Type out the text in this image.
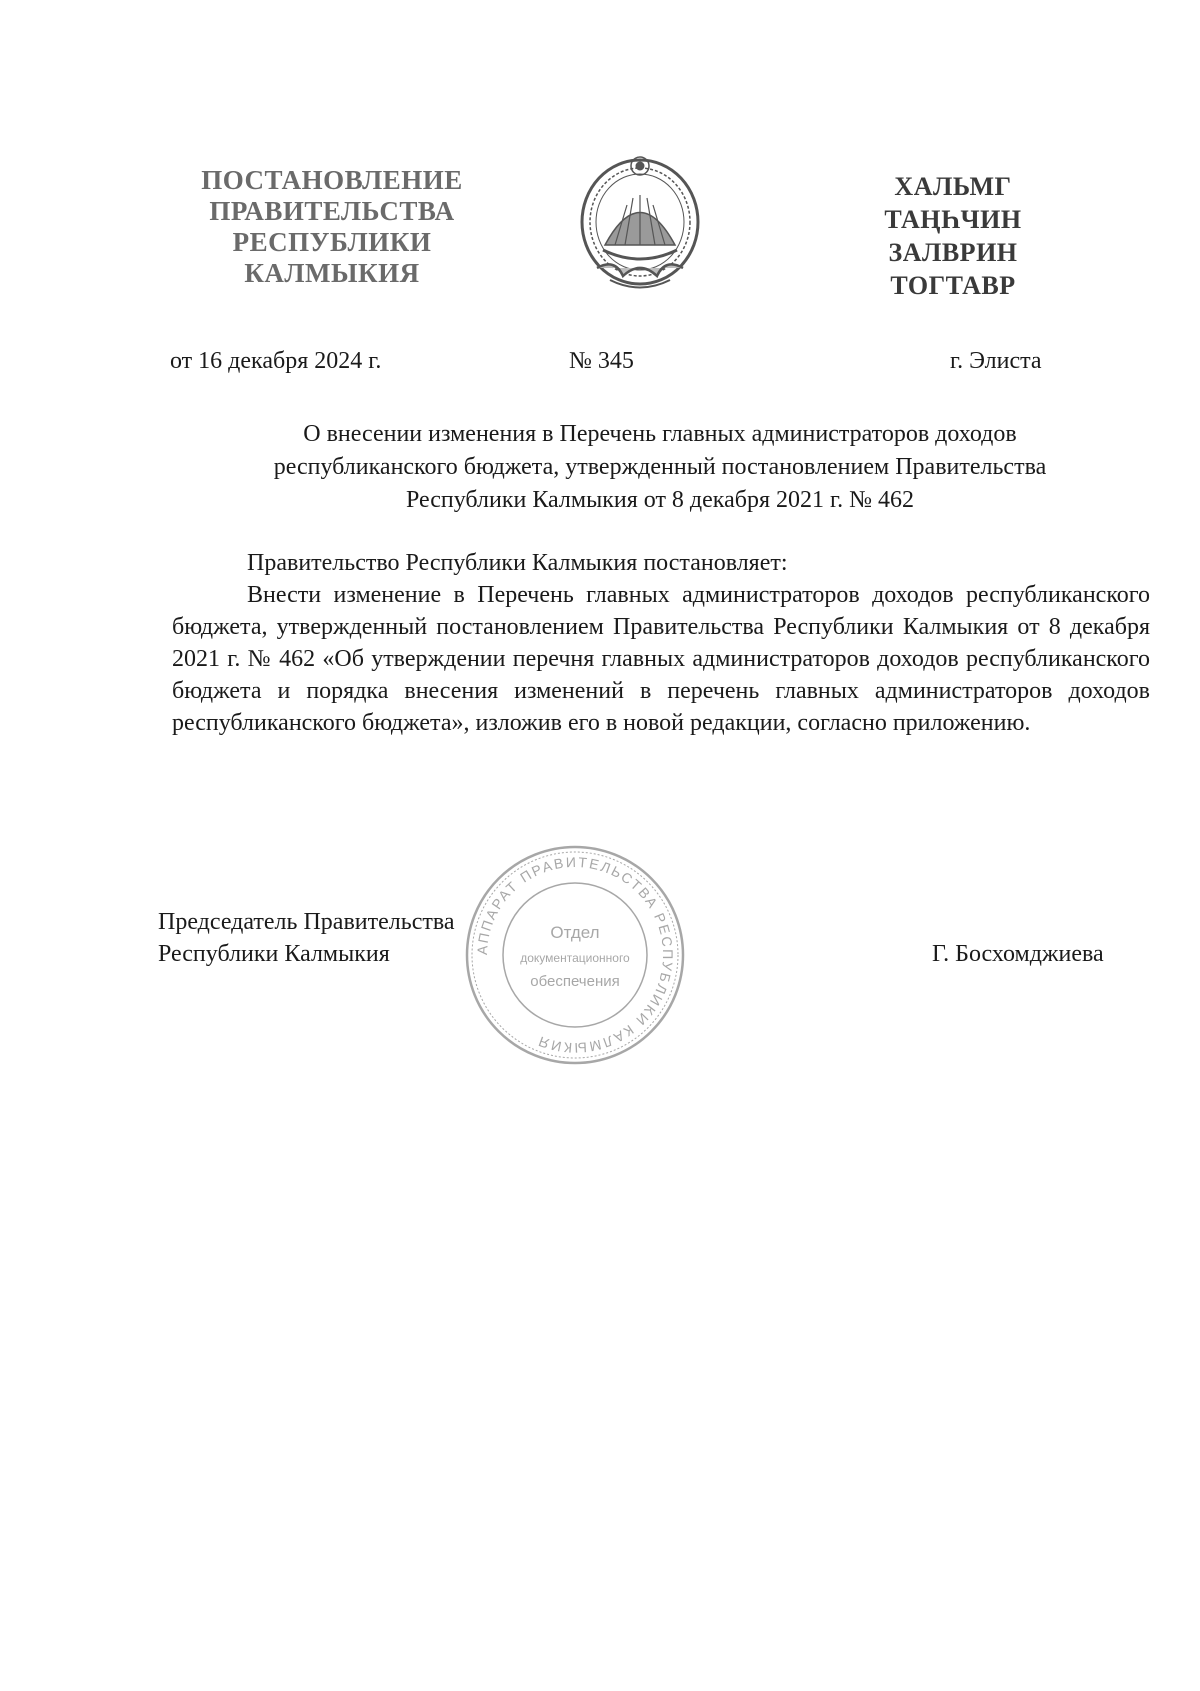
ПОСТАНОВЛЕНИЕ
ПРАВИТЕЛЬСТВА
РЕСПУБЛИКИ
КАЛМЫКИЯ
ХАЛЬМГ
ТАҢҺЧИН
ЗАЛВРИН
ТОГТАВР
от 16 декабря 2024 г.	№ 345	г. Элиста
О внесении изменения в Перечень главных администраторов доходов
республиканского бюджета, утвержденный постановлением Правительства
Республики Калмыкия от 8 декабря 2021 г. № 462

Правительство Республики Калмыкия постановляет:

Внести изменение в Перечень главных администраторов доходов республиканского бюджета, утвержденный постановлением Правительства Республики Калмыкия от 8 декабря 2021 г. № 462 «Об утверждении перечня главных администраторов доходов республиканского бюджета и порядка внесения изменений в перечень главных администраторов доходов республиканского бюджета», изложив его в новой редакции, согласно приложению.

Председатель Правительства
Республики Калмыкия	АППАРАТ ПРАВИТЕЛЬСТВА РЕСПУБЛИКИ КАЛМЫКИЯ
Отдел
документационного
обеспечения
Г. Босхомджиева
